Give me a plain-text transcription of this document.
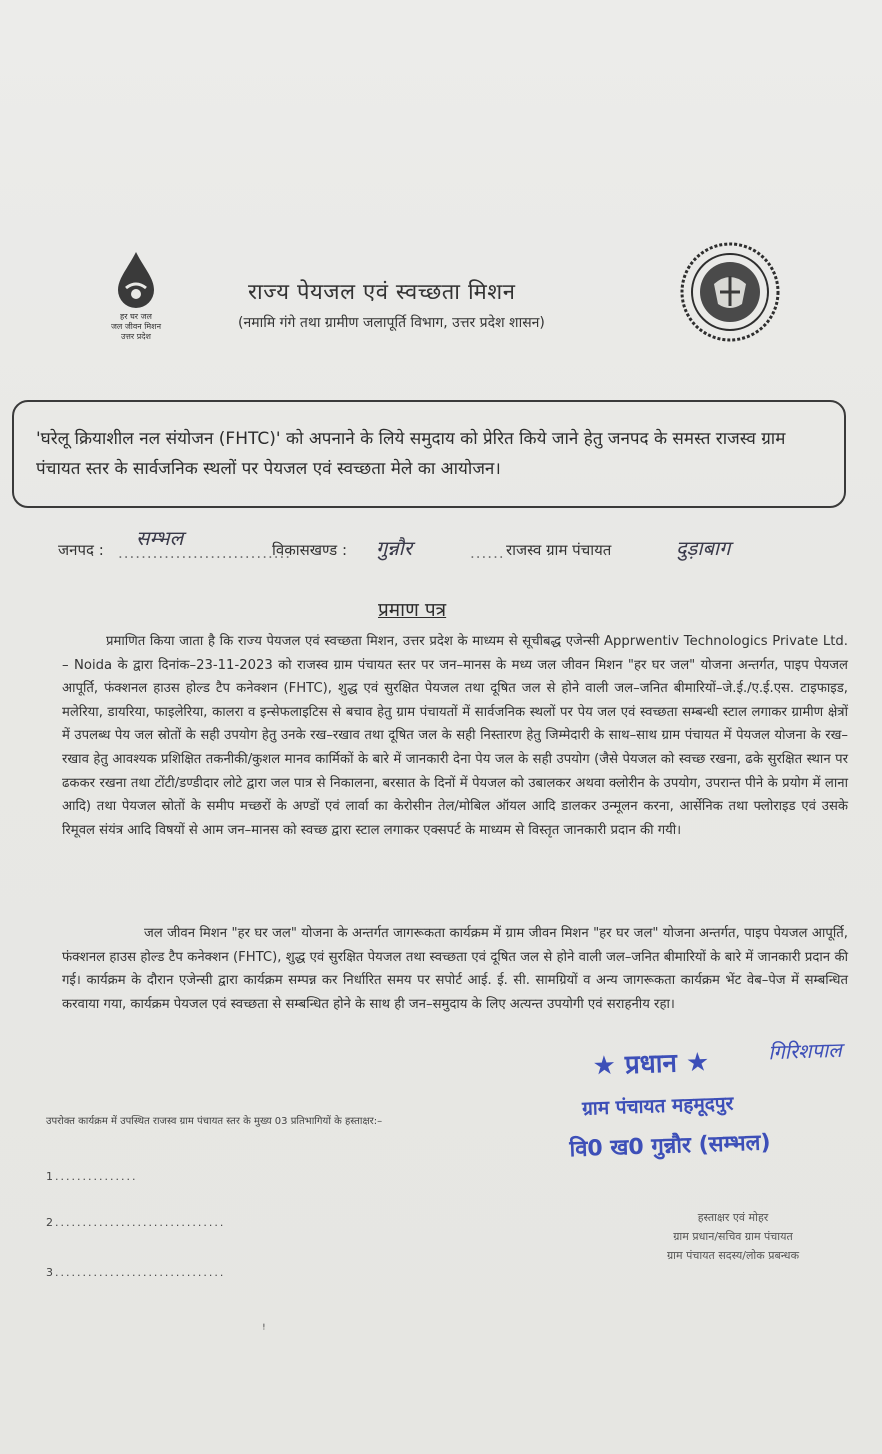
हर घर जल
जल जीवन मिशन
उत्तर प्रदेश
राज्य पेयजल एवं स्वच्छता मिशन
(नमामि गंगे तथा ग्रामीण जलापूर्ति विभाग, उत्तर प्रदेश शासन)
'घरेलू क्रियाशील नल संयोजन (FHTC)' को अपनाने के लिये समुदाय को प्रेरित किये जाने हेतु जनपद के समस्त राजस्व ग्राम पंचायत स्तर के सार्वजनिक स्थलों पर पेयजल एवं स्वच्छता मेले का आयोजन।
जनपद : ..............................
सम्भल	विकासखण्ड : गुन्नौर	...... राजस्व ग्राम पंचायत	दुड़ाबाग
प्रमाण पत्र

प्रमाणित किया जाता है कि राज्य पेयजल एवं स्वच्छता मिशन, उत्तर प्रदेश के माध्यम से सूचीबद्ध एजेन्सी Apprwentiv Technologics Private Ltd. – Noida के द्वारा दिनांक–23-11-2023 को राजस्व ग्राम पंचायत स्तर पर जन–मानस के मध्य जल जीवन मिशन "हर घर जल" योजना अन्तर्गत, पाइप पेयजल आपूर्ति, फंक्शनल हाउस होल्ड टैप कनेक्शन (FHTC), शुद्ध एवं सुरक्षित पेयजल तथा दूषित जल से होने वाली जल–जनित बीमारियों–जे.ई./ए.ई.एस. टाइफाइड, मलेरिया, डायरिया, फाइलेरिया, कालरा व इन्सेफलाइटिस से बचाव हेतु ग्राम पंचायतों में सार्वजनिक स्थलों पर पेय जल एवं स्वच्छता सम्बन्धी स्टाल लगाकर ग्रामीण क्षेत्रों में उपलब्ध पेय जल स्रोतों के सही उपयोग हेतु उनके रख–रखाव तथा दूषित जल के सही निस्तारण हेतु जिम्मेदारी के साथ–साथ ग्राम पंचायत में पेयजल योजना के रख–रखाव हेतु आवश्यक प्रशिक्षित तकनीकी/कुशल मानव कार्मिकों के बारे में जानकारी देना पेय जल के सही उपयोग (जैसे पेयजल को स्वच्छ रखना, ढके सुरक्षित स्थान पर ढककर रखना तथा टोंटी/डण्डीदार लोटे द्वारा जल पात्र से निकालना, बरसात के दिनों में पेयजल को उबालकर अथवा क्लोरीन के उपयोग, उपरान्त पीने के प्रयोग में लाना आदि) तथा पेयजल स्रोतों के समीप मच्छरों के अण्डों एवं लार्वा का केरोसीन तेल/मोबिल ऑयल आदि डालकर उन्मूलन करना, आर्सेनिक तथा फ्लोराइड एवं उसके रिमूवल संयंत्र आदि विषयों से आम जन–मानस को स्वच्छ द्वारा स्टाल लगाकर एक्सपर्ट के माध्यम से विस्तृत जानकारी प्रदान की गयी।

जल जीवन मिशन "हर घर जल" योजना के अन्तर्गत जागरूकता कार्यक्रम में ग्राम जीवन मिशन "हर घर जल" योजना अन्तर्गत, पाइप पेयजल आपूर्ति, फंक्शनल हाउस होल्ड टैप कनेक्शन (FHTC), शुद्ध एवं सुरक्षित पेयजल तथा स्वच्छता एवं दूषित जल से होने वाली जल–जनित बीमारियों के बारे में जानकारी प्रदान की गई। कार्यक्रम के दौरान एजेन्सी द्वारा कार्यक्रम सम्पन्न कर निर्धारित समय पर सपोर्ट आई. ई. सी. सामग्रियों व अन्य जागरूकता कार्यक्रम भेंट वेब–पेज में सम्बन्धित करवाया गया, कार्यक्रम पेयजल एवं स्वच्छता से सम्बन्धित होने के साथ ही जन–समुदाय के लिए अत्यन्त उपयोगी एवं सराहनीय रहा।

★ प्रधान ★	गिरिशपाल
ग्राम पंचायत महमूदपुर
वि0 ख0 गुन्नौर (सम्भल)
उपरोक्त कार्यक्रम में उपस्थित राजस्व ग्राम पंचायत स्तर के मुख्य 03 प्रतिभागियों के हस्ताक्षर:–
1...............
2...............................
3...............................
हस्ताक्षर एवं मोहर
ग्राम प्रधान/सचिव ग्राम पंचायत
ग्राम पंचायत सदस्य/लोक प्रबन्धक
ꜝ
